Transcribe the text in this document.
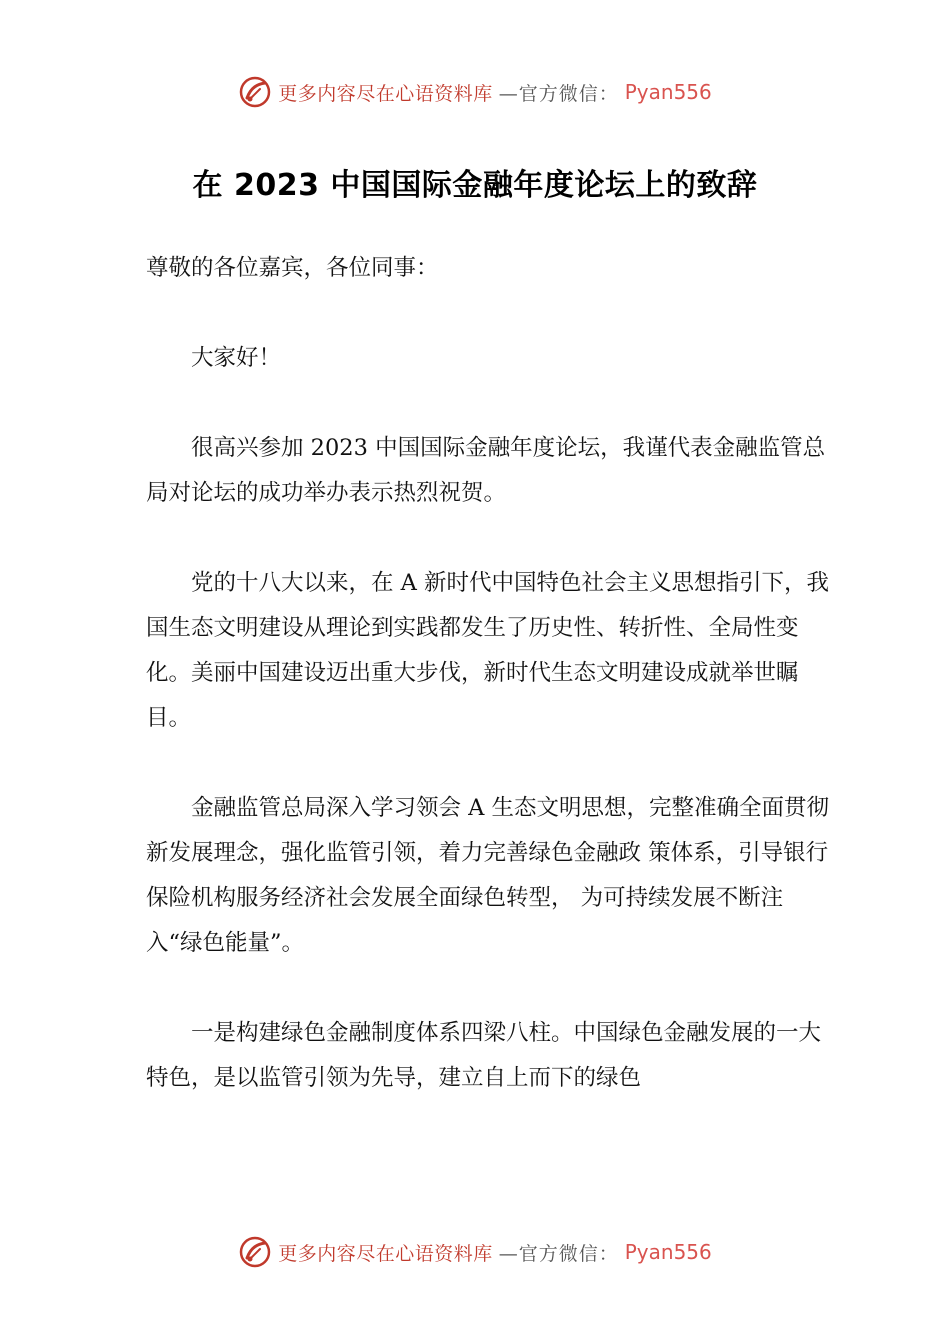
更多内容尽在心语资料库 —官方微信： Pyan556
在 2023 中国国际金融年度论坛上的致辞

尊敬的各位嘉宾，各位同事：

大家好！

很高兴参加 2023 中国国际金融年度论坛，我谨代表金融监管总局对论坛的成功举办表示热烈祝贺。

党的十八大以来，在 A 新时代中国特色社会主义思想指引下，我国生态文明建设从理论到实践都发生了历史性、转折性、全局性变化。美丽中国建设迈出重大步伐，新时代生态文明建设成就举世瞩目。

金融监管总局深入学习领会 A 生态文明思想，完整准确全面贯彻新发展理念，强化监管引领，着力完善绿色金融政 策体系，引导银行保险机构服务经济社会发展全面绿色转型， 为可持续发展不断注入“绿色能量”。

一是构建绿色金融制度体系四梁八柱。中国绿色金融发展的一大特色，是以监管引领为先导，建立自上而下的绿色

更多内容尽在心语资料库 —官方微信： Pyan556
